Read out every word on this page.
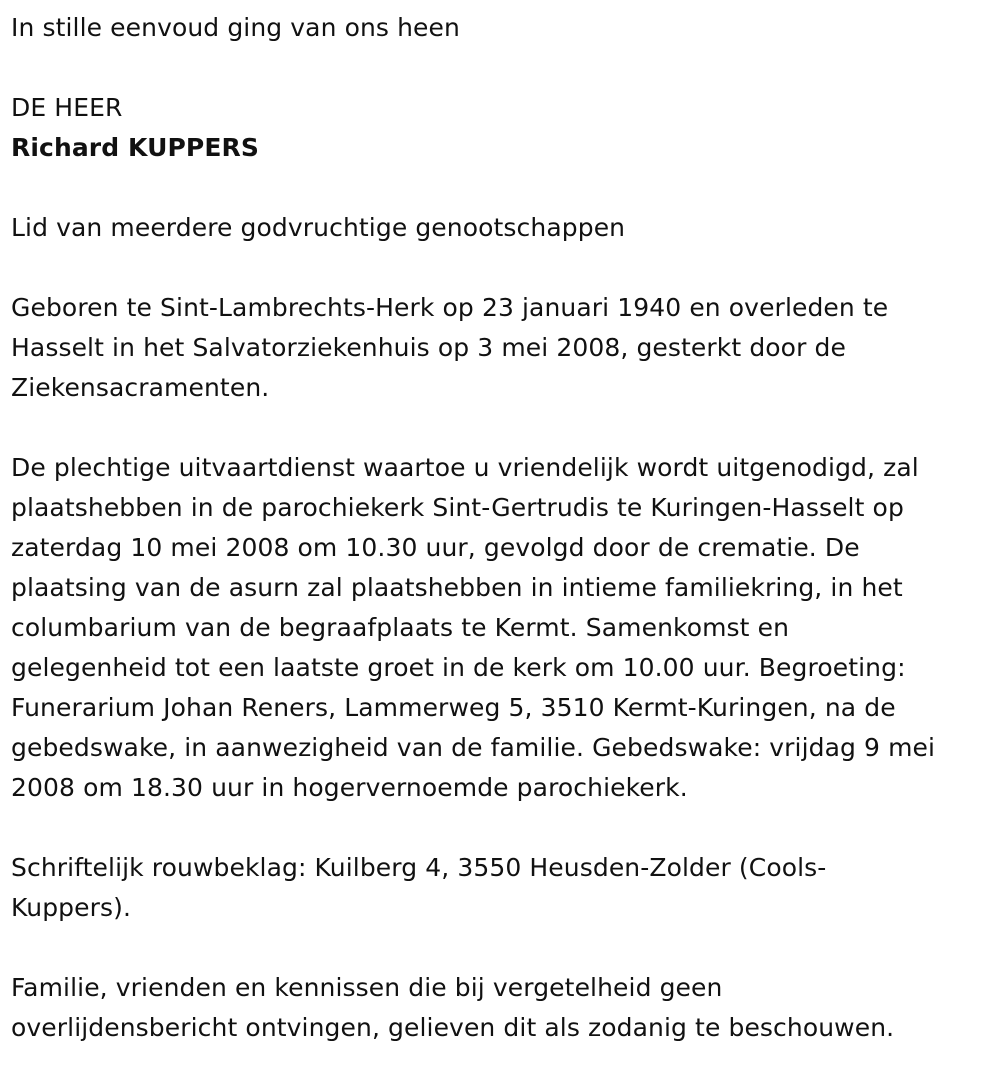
In stille eenvoud ging van ons heen
DE HEER
Richard KUPPERS
Lid van meerdere godvruchtige genootschappen
Geboren te Sint-Lambrechts-Herk op 23 januari 1940 en overleden te
Hasselt in het Salvatorziekenhuis op 3 mei 2008, gesterkt door de
Ziekensacramenten.
De plechtige uitvaartdienst waartoe u vriendelijk wordt uitgenodigd, zal
plaatshebben in de parochiekerk Sint-Gertrudis te Kuringen-Hasselt op
zaterdag 10 mei 2008 om 10.30 uur, gevolgd door de crematie. De
plaatsing van de asurn zal plaatshebben in intieme familiekring, in het
columbarium van de begraafplaats te Kermt. Samenkomst en
gelegenheid tot een laatste groet in de kerk om 10.00 uur. Begroeting:
Funerarium Johan Reners, Lammerweg 5, 3510 Kermt-Kuringen, na de
gebedswake, in aanwezigheid van de familie. Gebedswake: vrijdag 9 mei
2008 om 18.30 uur in hogervernoemde parochiekerk.
Schriftelijk rouwbeklag: Kuilberg 4, 3550 Heusden-Zolder (Cools-
Kuppers).
Familie, vrienden en kennissen die bij vergetelheid geen
overlijdensbericht ontvingen, gelieven dit als zodanig te beschouwen.
